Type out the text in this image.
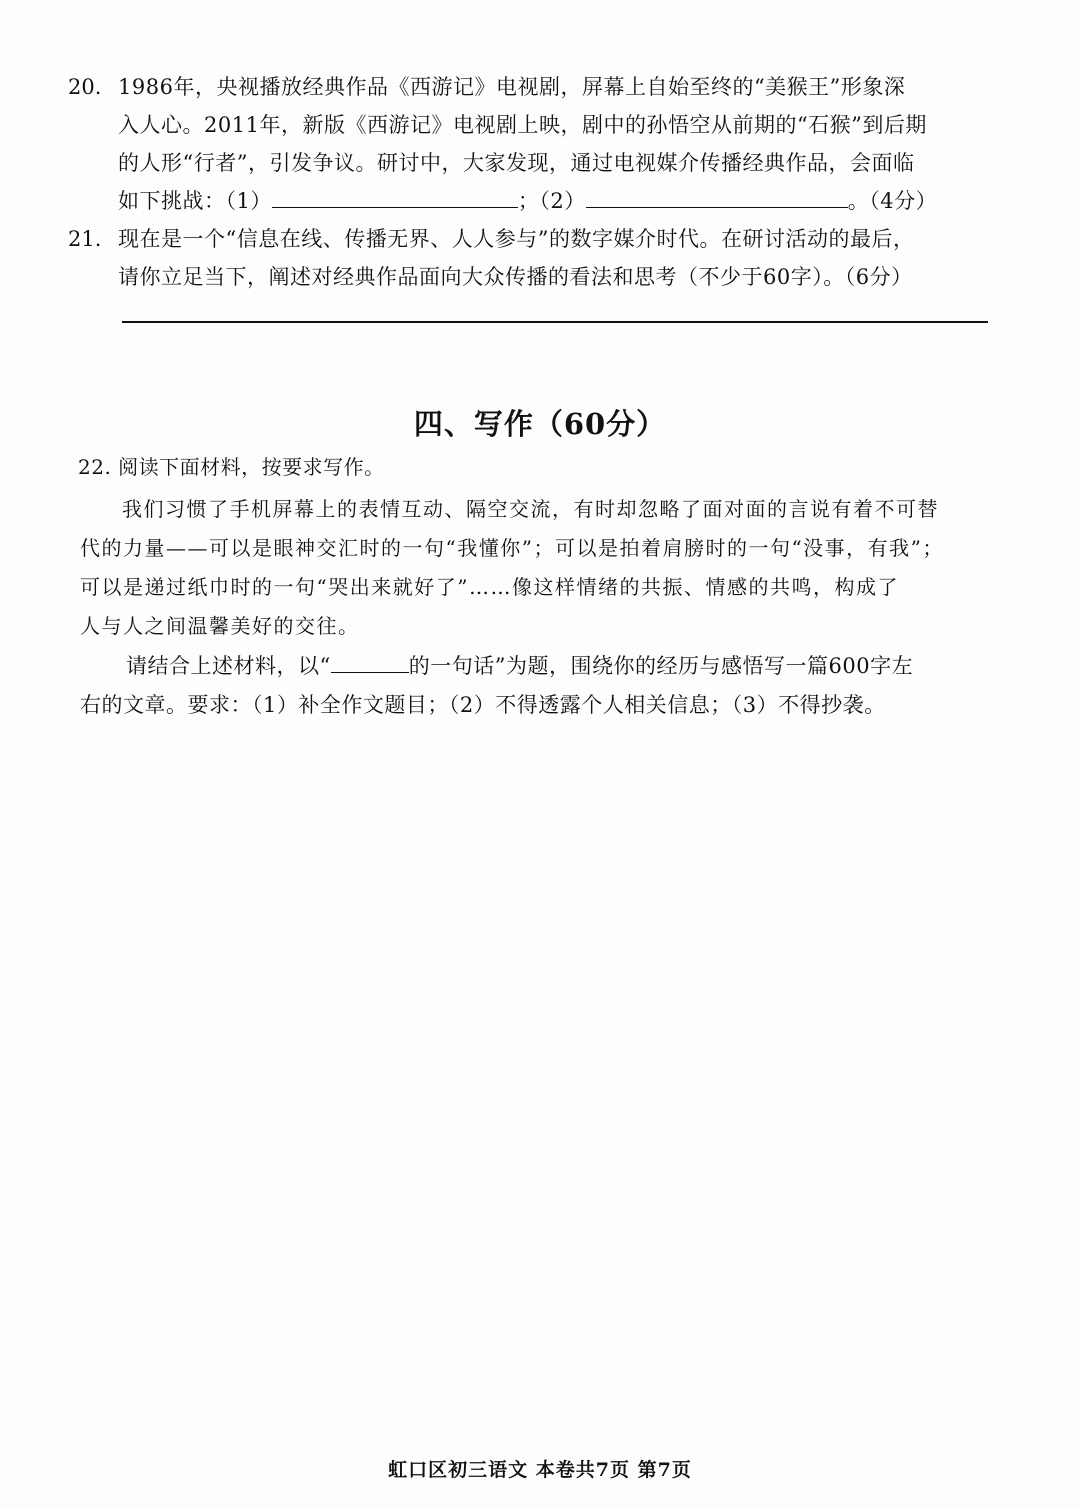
20. 1986年，央视播放经典作品《西游记》电视剧，屏幕上自始至终的“美猴王”形象深
入人心。2011年，新版《西游记》电视剧上映，剧中的孙悟空从前期的“石猴”到后期
的人形“行者”，引发争议。研讨中，大家发现，通过电视媒介传播经典作品，会面临
如下挑战：（1）	；（2）	。（4分）
21. 现在是一个“信息在线、传播无界、人人参与”的数字媒介时代。在研讨活动的最后，
请你立足当下，阐述对经典作品面向大众传播的看法和思考（不少于60字）。（6分）
四、写作（60分）
22. 阅读下面材料，按要求写作。
我们习惯了手机屏幕上的表情互动、隔空交流，有时却忽略了面对面的言说有着不可替
代的力量——可以是眼神交汇时的一句“我懂你”；可以是拍着肩膀时的一句“没事，有我”；
可以是递过纸巾时的一句“哭出来就好了”……像这样情绪的共振、情感的共鸣，构成了
人与人之间温馨美好的交往。
请结合上述材料，以“	的一句话”为题，围绕你的经历与感悟写一篇600字左
右的文章。要求：（1）补全作文题目；（2）不得透露个人相关信息；（3）不得抄袭。
虹口区初三语文 本卷共7页 第7页
